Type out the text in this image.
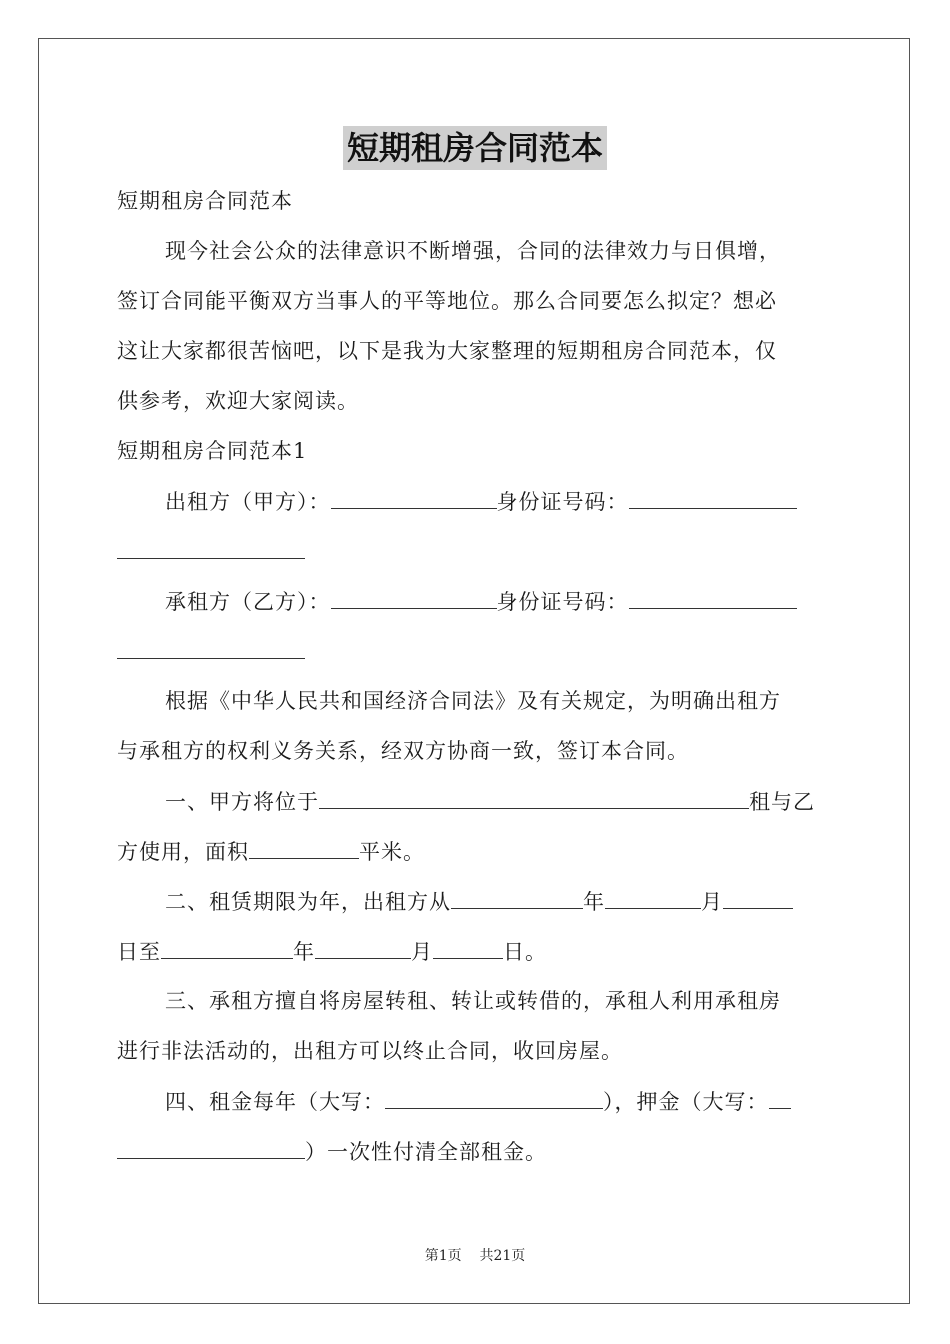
短期租房合同范本
短期租房合同范本
现今社会公众的法律意识不断增强，合同的法律效力与日俱增，
签订合同能平衡双方当事人的平等地位。那么合同要怎么拟定？想必
这让大家都很苦恼吧，以下是我为大家整理的短期租房合同范本，仅
供参考，欢迎大家阅读。
短期租房合同范本1
出租方（甲方）：	身份证号码：
承租方（乙方）：	身份证号码：
根据《中华人民共和国经济合同法》及有关规定，为明确出租方
与承租方的权利义务关系，经双方协商一致，签订本合同。
一、甲方将位于	租与乙
方使用，面积	平米。
二、租赁期限为年，出租方从	年	月
日至	年	月	日。
三、承租方擅自将房屋转租、转让或转借的，承租人利用承租房
进行非法活动的，出租方可以终止合同，收回房屋。
四、租金每年（大写：	），押金（大写：
）一次性付清全部租金。
第1页 共21页
